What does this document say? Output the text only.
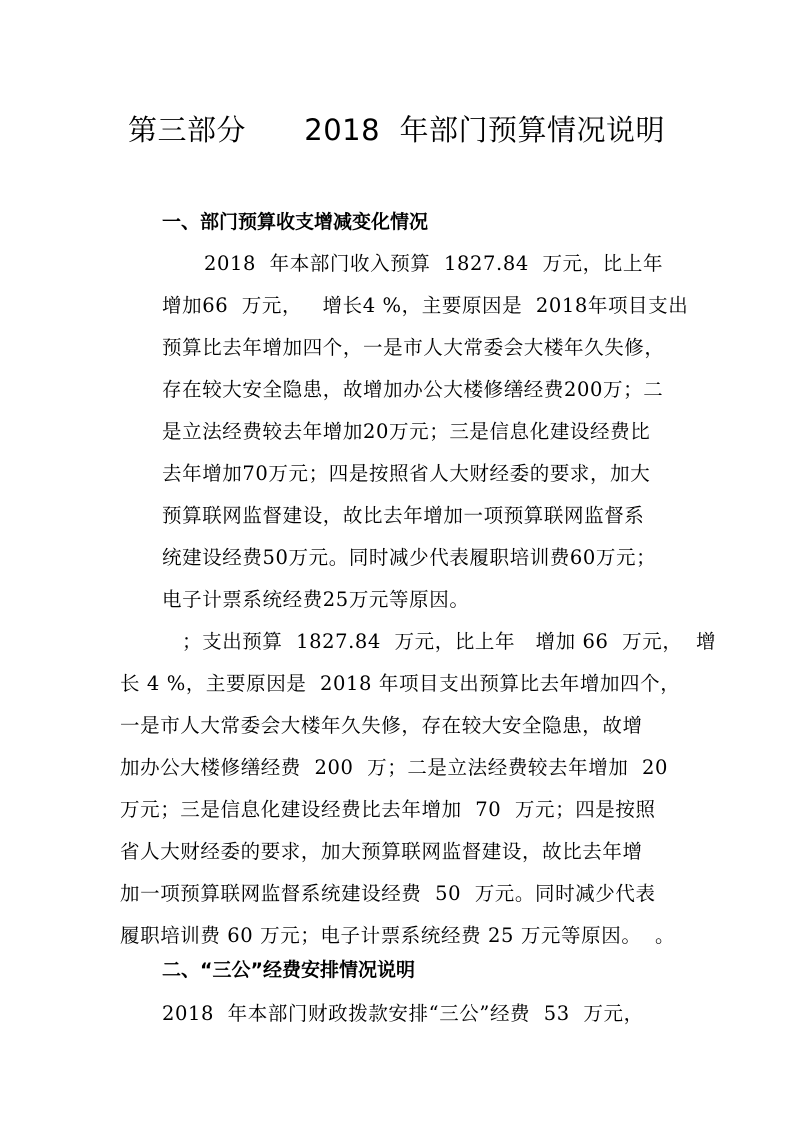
第三部分      2018  年部门预算情况说明
一、部门预算收支增减变化情况
2018  年本部门收入预算  1827.84  万元，比上年
增加66  万元，   增长4 %，主要原因是  2018年项目支出
预算比去年增加四个，一是市人大常委会大楼年久失修，
存在较大安全隐患，故增加办公大楼修缮经费200万；二
是立法经费较去年增加20万元；三是信息化建设经费比
去年增加70万元；四是按照省人大财经委的要求，加大
预算联网监督建设，故比去年增加一项预算联网监督系
统建设经费50万元。同时减少代表履职培训费60万元；
电子计票系统经费25万元等原因。
；支出预算  1827.84  万元，比上年   增加 66  万元，  增
长 4 %，主要原因是  2018 年项目支出预算比去年增加四个，
一是市人大常委会大楼年久失修，存在较大安全隐患，故增
加办公大楼修缮经费  200  万；二是立法经费较去年增加  20
万元；三是信息化建设经费比去年增加  70  万元；四是按照
省人大财经委的要求，加大预算联网监督建设，故比去年增
加一项预算联网监督系统建设经费  50  万元。同时减少代表
履职培训费 60 万元；电子计票系统经费 25 万元等原因。  。
二、“三公”经费安排情况说明
2018  年本部门财政拨款安排“三公”经费  53  万元，
